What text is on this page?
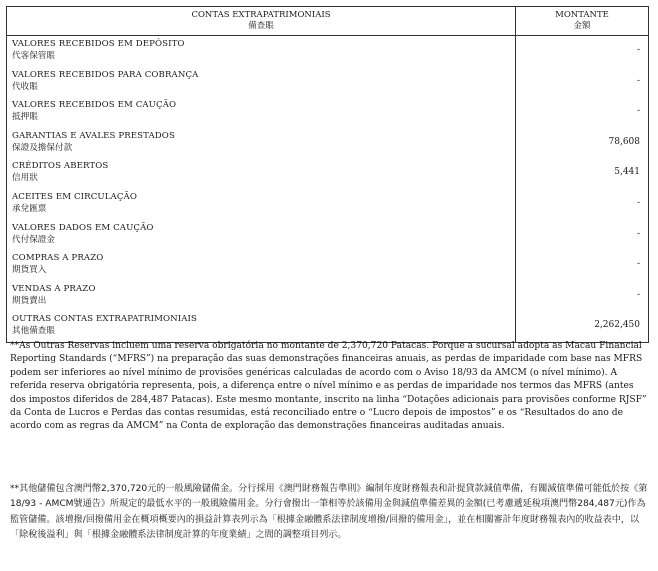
CONTAS EXTRAPATRIMONIAIS
備查賬
MONTANTE
金額
VALORES RECEBIDOS EM DEPÓSITO
代客保管賬
VALORES RECEBIDOS PARA COBRANÇA
代收賬
VALORES RECEBIDOS EM CAUÇÃO
抵押賬
GARANTIAS E AVALES PRESTADOS
保證及擔保付款
CRÉDITOS ABERTOS
信用狀
ACEITES EM CIRCULAÇÃO
承兌匯票
VALORES DADOS EM CAUÇÃO
代付保證金
COMPRAS A PRAZO
期貨買入
VENDAS A PRAZO
期貨賣出
OUTRAS CONTAS EXTRAPATRIMONIAIS
其他備查賬
-
-
-
78,608
5,441
-
-
-
-
2,262,450

**As Outras Reservas incluem uma reserva obrigatória no montante de 2,370,720 Patacas. Porque a sucursal adopta as Macau Financial Reporting Standards (“MFRS”) na preparação das suas demonstrações financeiras anuais, as perdas de imparidade com base nas MFRS podem ser inferiores ao nível mínimo de provisões genéricas calculadas de acordo com o Aviso 18/93 da AMCM (o nível mínimo). A referida reserva obrigatória representa, pois, a diferença entre o nível mínimo e as perdas de imparidade nos termos das MFRS (antes dos impostos diferidos de 284,487 Patacas). Este mesmo montante, inscrito na linha “Dotações adicionais para provisões conforme RJSF” da Conta de Lucros e Perdas das contas resumidas, está reconciliado entre o “Lucro depois de impostos” e os “Resultados do ano de acordo com as regras da AMCM” na Conta de exploração das demonstrações financeiras auditadas anuais.

**其他儲備包含澳門幣2,370,720元的一般風險儲備金。分行採用《澳門財務報告準則》編制年度財務報表和計提貸款減值準備，有關減值準備可能低於按《第18/93 - AMCM號通告》所規定的最低水平的一般風險備用金。分行會撥出一筆相等於該備用金與減值準備差異的金額(已考慮遞延稅項澳門幣284,487元)作為監管儲備。該增撥/回撥備用金在概項概要內的損益計算表列示為「根據金融體系法律制度增撥/回撥的備用金」，並在相關審計年度財務報表內的收益表中，以「除稅後溢利」與「根據金融體系法律制度計算的年度業績」之間的調整項目列示。
